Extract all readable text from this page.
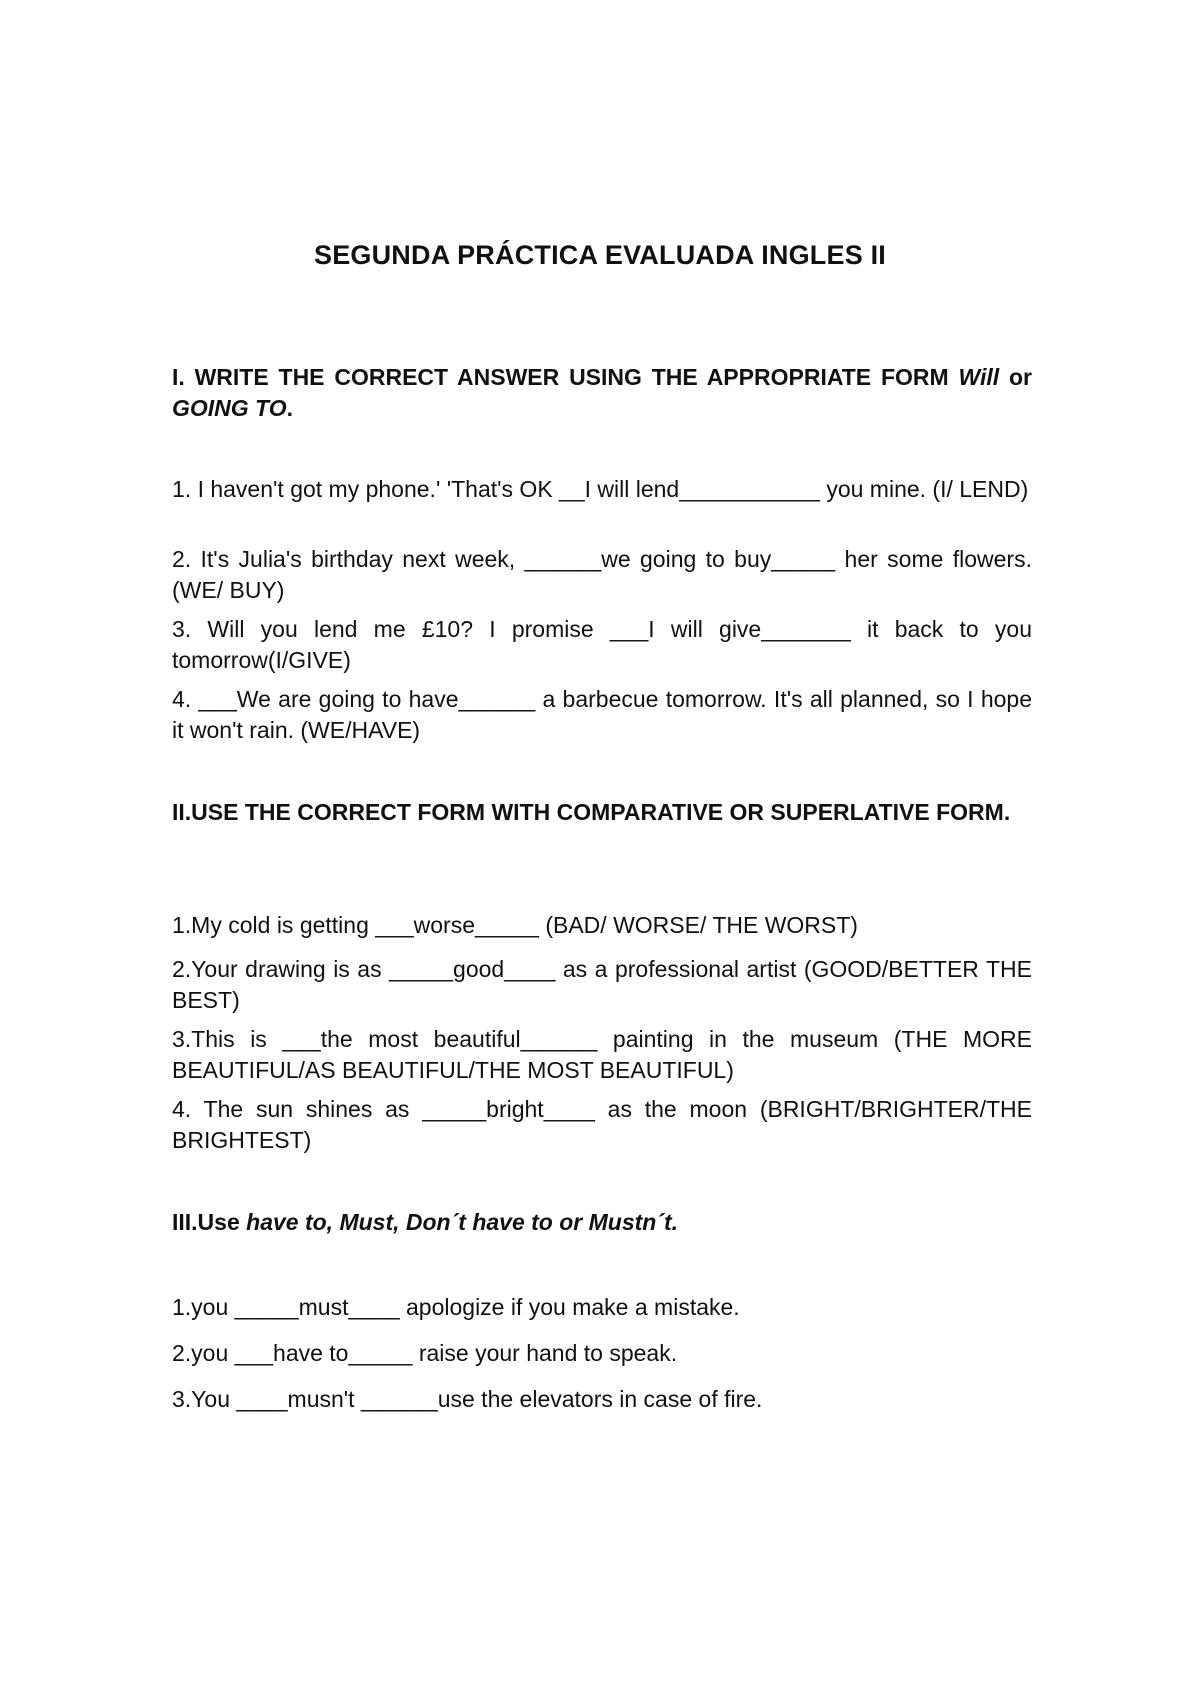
SEGUNDA PRÁCTICA EVALUADA INGLES II
I. WRITE THE CORRECT ANSWER USING THE APPROPRIATE FORM Will or GOING TO.
1. I haven't got my phone.' 'That's OK __I will lend___________ you mine. (I/ LEND)
2. It's Julia's birthday next week, ______we going to buy_____ her some flowers. (WE/ BUY)
3. Will you lend me £10? I promise ___I will give_______ it back to you tomorrow(I/GIVE)
4. ___We are going to have______ a barbecue tomorrow. It's all planned, so I hope it won't rain. (WE/HAVE)
II.USE THE CORRECT FORM WITH COMPARATIVE OR SUPERLATIVE FORM.
1.My cold is getting ___worse_____ (BAD/ WORSE/ THE WORST)
2.Your drawing is as _____good____ as a professional artist (GOOD/BETTER THE BEST)
3.This is ___the most beautiful______ painting in the museum (THE MORE BEAUTIFUL/AS BEAUTIFUL/THE MOST BEAUTIFUL)
4. The sun shines as _____bright____ as the moon (BRIGHT/BRIGHTER/THE BRIGHTEST)
III.Use have to, Must, Don´t have to or Mustn´t.
1.you _____must____ apologize if you make a mistake.
2.you ___have to_____ raise your hand to speak.
3.You ____musn't ______use the elevators in case of fire.
